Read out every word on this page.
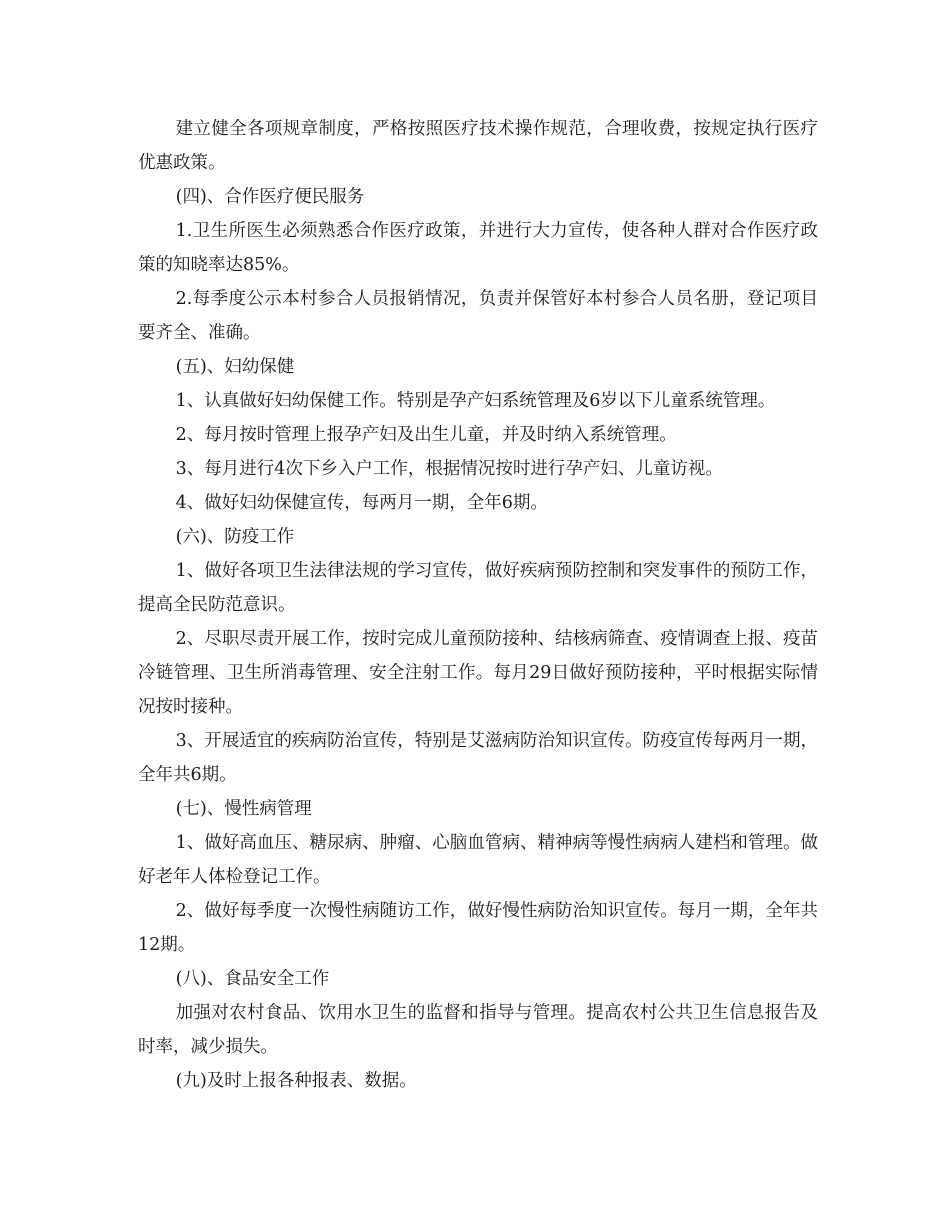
建立健全各项规章制度，严格按照医疗技术操作规范，合理收费，按规定执行医疗优惠政策。

(四)、合作医疗便民服务

1.卫生所医生必须熟悉合作医疗政策，并进行大力宣传，使各种人群对合作医疗政策的知晓率达85%。

2.每季度公示本村参合人员报销情况，负责并保管好本村参合人员名册，登记项目要齐全、准确。

(五)、妇幼保健

1、认真做好妇幼保健工作。特别是孕产妇系统管理及6岁以下儿童系统管理。

2、每月按时管理上报孕产妇及出生儿童，并及时纳入系统管理。

3、每月进行4次下乡入户工作，根据情况按时进行孕产妇、儿童访视。

4、做好妇幼保健宣传，每两月一期，全年6期。

(六)、防疫工作

1、做好各项卫生法律法规的学习宣传，做好疾病预防控制和突发事件的预防工作，提高全民防范意识。

2、尽职尽责开展工作，按时完成儿童预防接种、结核病筛查、疫情调查上报、疫苗冷链管理、卫生所消毒管理、安全注射工作。每月29日做好预防接种，平时根据实际情况按时接种。

3、开展适宜的疾病防治宣传，特别是艾滋病防治知识宣传。防疫宣传每两月一期，全年共6期。

(七)、慢性病管理

1、做好高血压、糖尿病、肿瘤、心脑血管病、精神病等慢性病病人建档和管理。做好老年人体检登记工作。

2、做好每季度一次慢性病随访工作，做好慢性病防治知识宣传。每月一期，全年共12期。

(八)、食品安全工作

加强对农村食品、饮用水卫生的监督和指导与管理。提高农村公共卫生信息报告及时率，减少损失。

(九)及时上报各种报表、数据。
